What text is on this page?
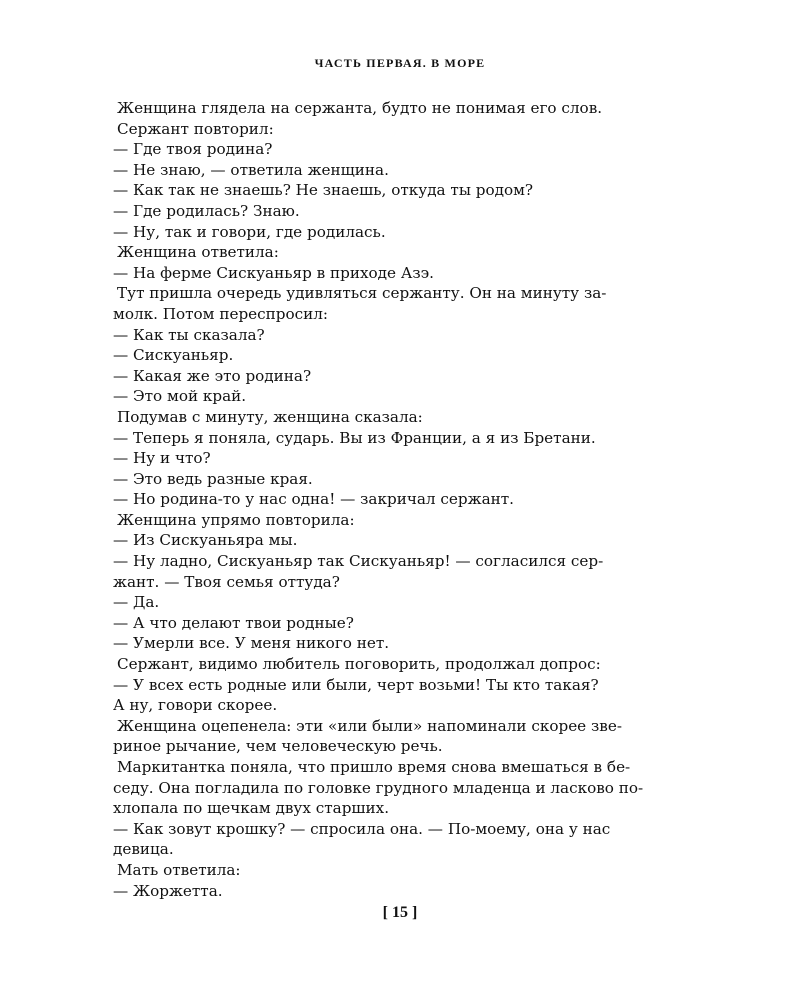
ЧАСТЬ ПЕРВАЯ. В МОРЕ
Женщина глядела на сержанта, будто не понимая его слов.
Сержант повторил:
— Где твоя родина?
— Не знаю, — ответила женщина.
— Как так не знаешь? Не знаешь, откуда ты родом?
— Где родилась? Знаю.
— Ну, так и говори, где родилась.
Женщина ответила:
— На ферме Сискуаньяр в приходе Азэ.
Тут пришла очередь удивляться сержанту. Он на минуту за-
молк. Потом переспросил:
— Как ты сказала?
— Сискуаньяр.
— Какая же это родина?
— Это мой край.
Подумав с минуту, женщина сказала:
— Теперь я поняла, сударь. Вы из Франции, а я из Бретани.
— Ну и что?
— Это ведь разные края.
— Но родина-то у нас одна! — закричал сержант.
Женщина упрямо повторила:
— Из Сискуаньяра мы.
— Ну ладно, Сискуаньяр так Сискуаньяр! — согласился сер-
жант. — Твоя семья оттуда?
— Да.
— А что делают твои родные?
— Умерли все. У меня никого нет.
Сержант, видимо любитель поговорить, продолжал допрос:
— У всех есть родные или были, черт возьми! Ты кто такая?
А ну, говори скорее.
Женщина оцепенела: эти «или были» напоминали скорее зве-
риное рычание, чем человеческую речь.
Маркитантка поняла, что пришло время снова вмешаться в бе-
седу. Она погладила по головке грудного младенца и ласково по-
хлопала по щечкам двух старших.
— Как зовут крошку? — спросила она. — По-моему, она у нас
девица.
Мать ответила:
— Жоржетта.
[ 15 ]
